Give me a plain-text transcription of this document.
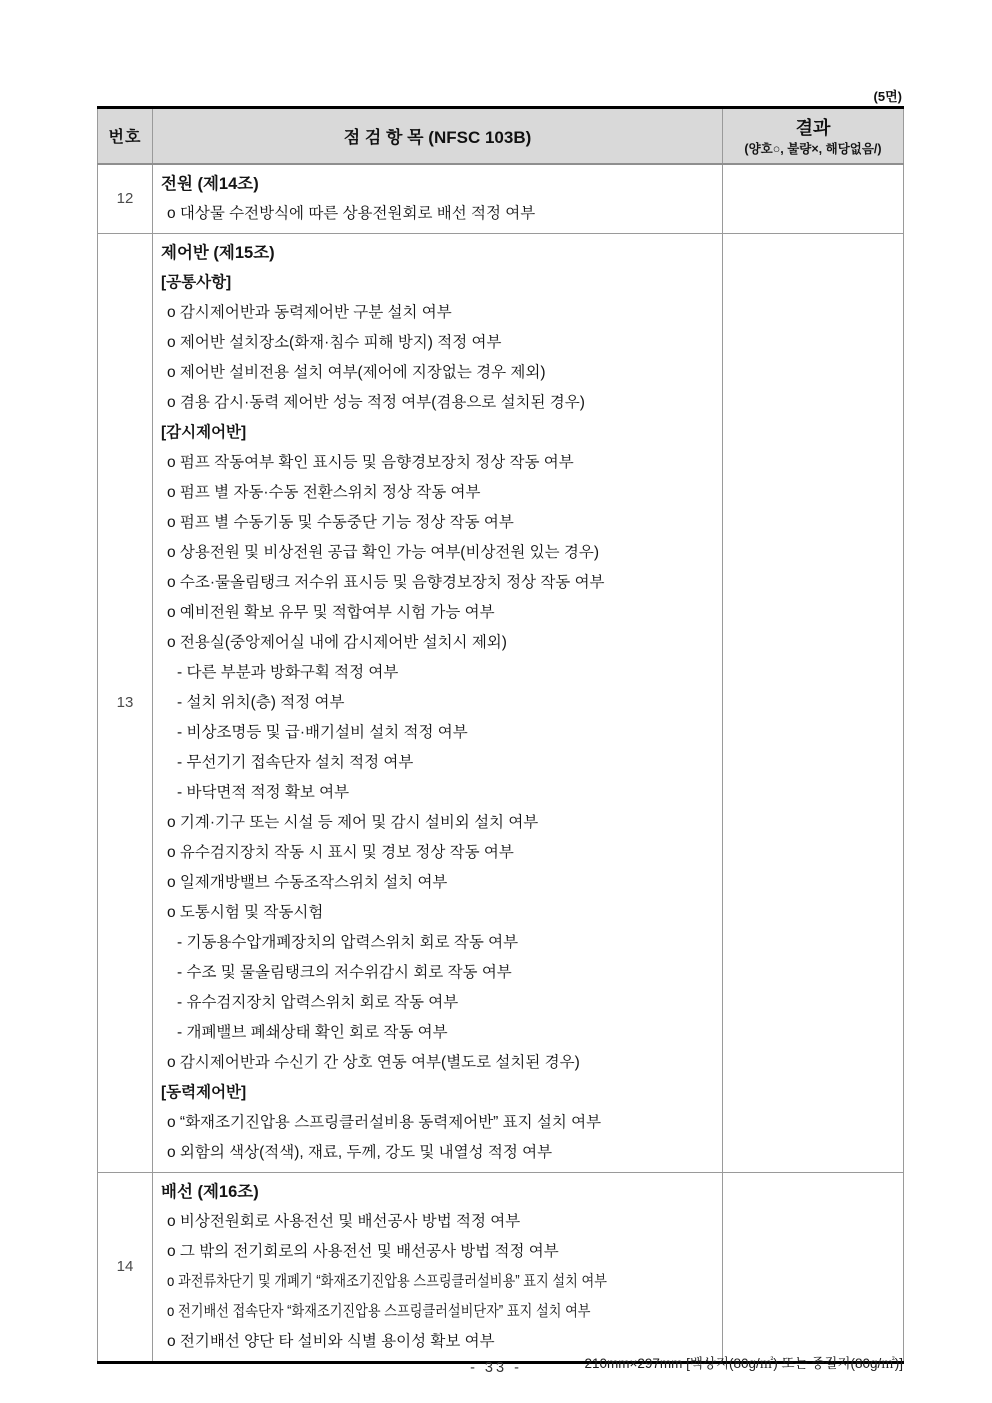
(5면)
번호	점 검 항 목 (NFSC 103B)	결과
(양호○, 불량×, 해당없음/)

12	전원 (제14조)
o 대상물 수전방식에 따른 상용전원회로 배선 적정 여부	

13	
제어반 (제15조)
[공통사항]
o 감시제어반과 동력제어반 구분 설치 여부
o 제어반 설치장소(화재·침수 피해 방지) 적정 여부
o 제어반 설비전용 설치 여부(제어에 지장없는 경우 제외)
o 겸용 감시·동력 제어반 성능 적정 여부(겸용으로 설치된 경우)
[감시제어반]
o 펌프 작동여부 확인 표시등 및 음향경보장치 정상 작동 여부
o 펌프 별 자동·수동 전환스위치 정상 작동 여부
o 펌프 별 수동기동 및 수동중단 기능 정상 작동 여부
o 상용전원 및 비상전원 공급 확인 가능 여부(비상전원 있는 경우)
o 수조·물올림탱크 저수위 표시등 및 음향경보장치 정상 작동 여부
o 예비전원 확보 유무 및 적합여부 시험 가능 여부
o 전용실(중앙제어실 내에 감시제어반 설치시 제외)
- 다른 부분과 방화구획 적정 여부
- 설치 위치(층) 적정 여부
- 비상조명등 및 급·배기설비 설치 적정 여부
- 무선기기 접속단자 설치 적정 여부
- 바닥면적 적정 확보 여부
o 기계·기구 또는 시설 등 제어 및 감시 설비외 설치 여부
o 유수검지장치 작동 시 표시 및 경보 정상 작동 여부
o 일제개방밸브 수동조작스위치 설치 여부
o 도통시험 및 작동시험
- 기동용수압개폐장치의 압력스위치 회로 작동 여부
- 수조 및 물올림탱크의 저수위감시 회로 작동 여부
- 유수검지장치 압력스위치 회로 작동 여부
- 개폐밸브 폐쇄상태 확인 회로 작동 여부
o 감시제어반과 수신기 간 상호 연동 여부(별도로 설치된 경우)
[동력제어반]
o “화재조기진압용 스프링클러설비용 동력제어반” 표지 설치 여부
o 외함의 색상(적색), 재료, 두께, 강도 및 내열성 적정 여부

14	
배선 (제16조)
o 비상전원회로 사용전선 및 배선공사 방법 적정 여부
o 그 밖의 전기회로의 사용전선 및 배선공사 방법 적정 여부
o 과전류차단기 및 개폐기 “화재조기진압용 스프링클러설비용” 표지 설치 여부
o 전기배선 접속단자 “화재조기진압용 스프링클러설비단자” 표지 설치 여부
o 전기배선 양단 타 설비와 식별 용이성 확보 여부

210mm×297mm [백상지(80g/㎡) 또는 중질지(80g/㎡)]
- 33 -
